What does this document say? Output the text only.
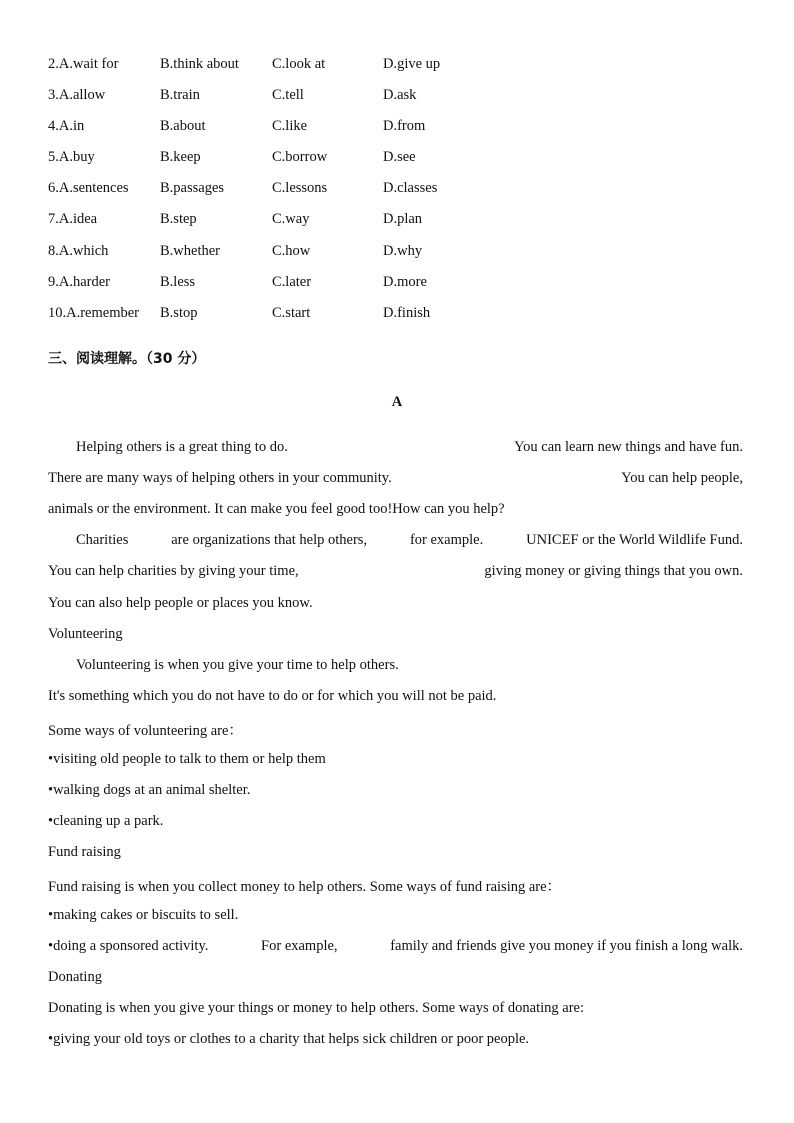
2.A.wait for	B.think about C.look at	D.give up
3.A.allow	B.train	C.tell	D.ask
4.A.in	B.about	C.like	D.from
5.A.buy	B.keep	C.borrow	D.see
6.A.sentences B.passages	C.lessons	D.classes
7.A.idea	B.step	C.way	D.plan
8.A.which	B.whether	C.how	D.why
9.A.harder	B.less	C.later	D.more
10.A.remember B.stop	C.start	D.finish
三、阅读理解。（30 分）
A
Helping others is a great thing to do.	You can learn new things and have fun.
There are many ways of helping others in your community.	You can help people,
animals or the environment. It can make you feel good too!How can you help?
Charities	are organizations that help others,	for example.	UNICEF or the World Wildlife Fund.
You can help charities by giving your time,	giving money or giving things that you own.
You can also help people or places you know.
Volunteering
Volunteering is when you give your time to help others.
It's something which you do not have to do or for which you will not be paid.
Some ways of volunteering are：
•visiting old people to talk to them or help them
•walking dogs at an animal shelter.
•cleaning up a park.
Fund raising
Fund raising is when you collect money to help others. Some ways of fund raising are：
•making cakes or biscuits to sell.
•doing a sponsored activity.	For example,	family and friends give you money if you finish a long walk.
Donating
Donating is when you give your things or money to help others. Some ways of donating are:
•giving your old toys or clothes to a charity that helps sick children or poor people.
